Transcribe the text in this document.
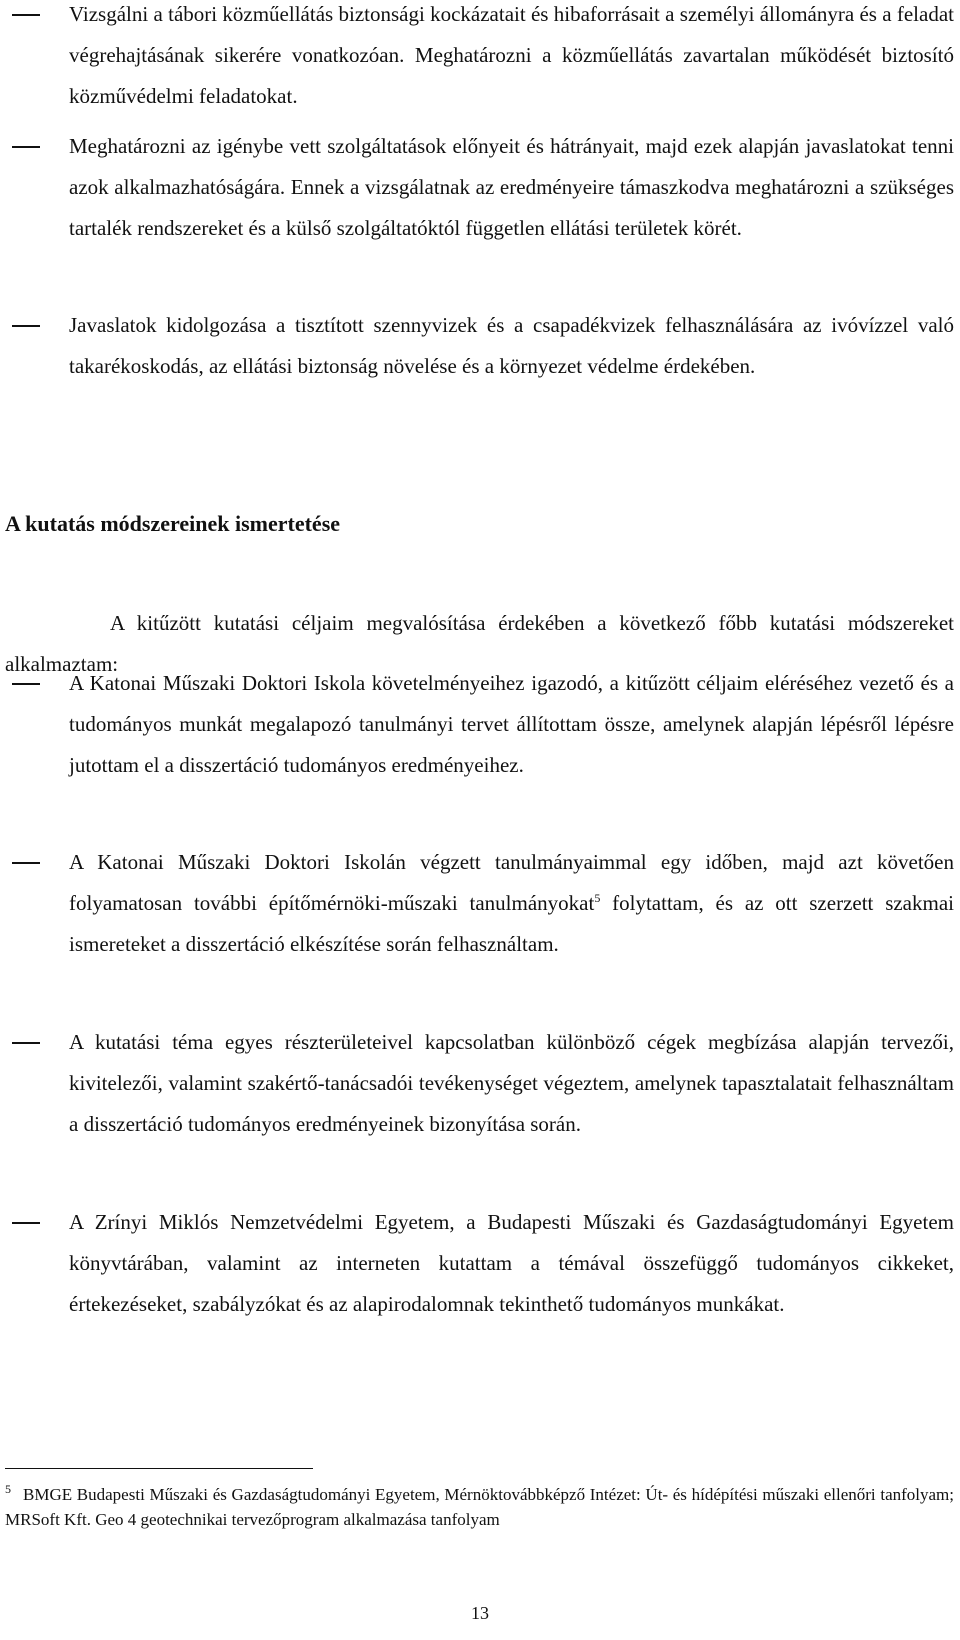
Vizsgálni a tábori közműellátás biztonsági kockázatait és hibaforrásait a személyi állományra és a feladat végrehajtásának sikerére vonatkozóan. Meghatározni a közműellátás zavartalan működését biztosító közművédelmi feladatokat.

Meghatározni az igénybe vett szolgáltatások előnyeit és hátrányait, majd ezek alapján javaslatokat tenni azok alkalmazhatóságára. Ennek a vizsgálatnak az eredményeire támaszkodva meghatározni a szükséges tartalék rendszereket és a külső szolgáltatóktól független ellátási területek körét.

Javaslatok kidolgozása a tisztított szennyvizek és a csapadékvizek felhasználására az ivóvízzel való takarékoskodás, az ellátási biztonság növelése és a környezet védelme érdekében.

A kutatás módszereinek ismertetése

A kitűzött kutatási céljaim megvalósítása érdekében a következő főbb kutatási módszereket alkalmaztam:

A Katonai Műszaki Doktori Iskola követelményeihez igazodó, a kitűzött céljaim eléréséhez vezető és a tudományos munkát megalapozó tanulmányi tervet állítottam össze, amelynek alapján lépésről lépésre jutottam el a disszertáció tudományos eredményeihez.

A Katonai Műszaki Doktori Iskolán végzett tanulmányaimmal egy időben, majd azt követően folyamatosan további építőmérnöki-műszaki tanulmányokat$^5$ folytattam, és az ott szerzett szakmai ismereteket a disszertáció elkészítése során felhasználtam.

A kutatási téma egyes részterületeivel kapcsolatban különböző cégek megbízása alapján tervezői, kivitelezői, valamint szakértő-tanácsadói tevékenységet végeztem, amelynek tapasztalatait felhasználtam a disszertáció tudományos eredményeinek bizonyítása során.

A Zrínyi Miklós Nemzetvédelmi Egyetem, a Budapesti Műszaki és Gazdaságtudományi Egyetem könyvtárában, valamint az interneten kutattam a témával összefüggő tudományos cikkeket, értekezéseket, szabályzókat és az alapirodalomnak tekinthető tudományos munkákat.

$^5$ BMGE Budapesti Műszaki és Gazdaságtudományi Egyetem, Mérnöktovábbképző Intézet: Út- és hídépítési műszaki ellenőri tanfolyam; MRSoft Kft. Geo 4 geotechnikai tervezőprogram alkalmazása tanfolyam

13
